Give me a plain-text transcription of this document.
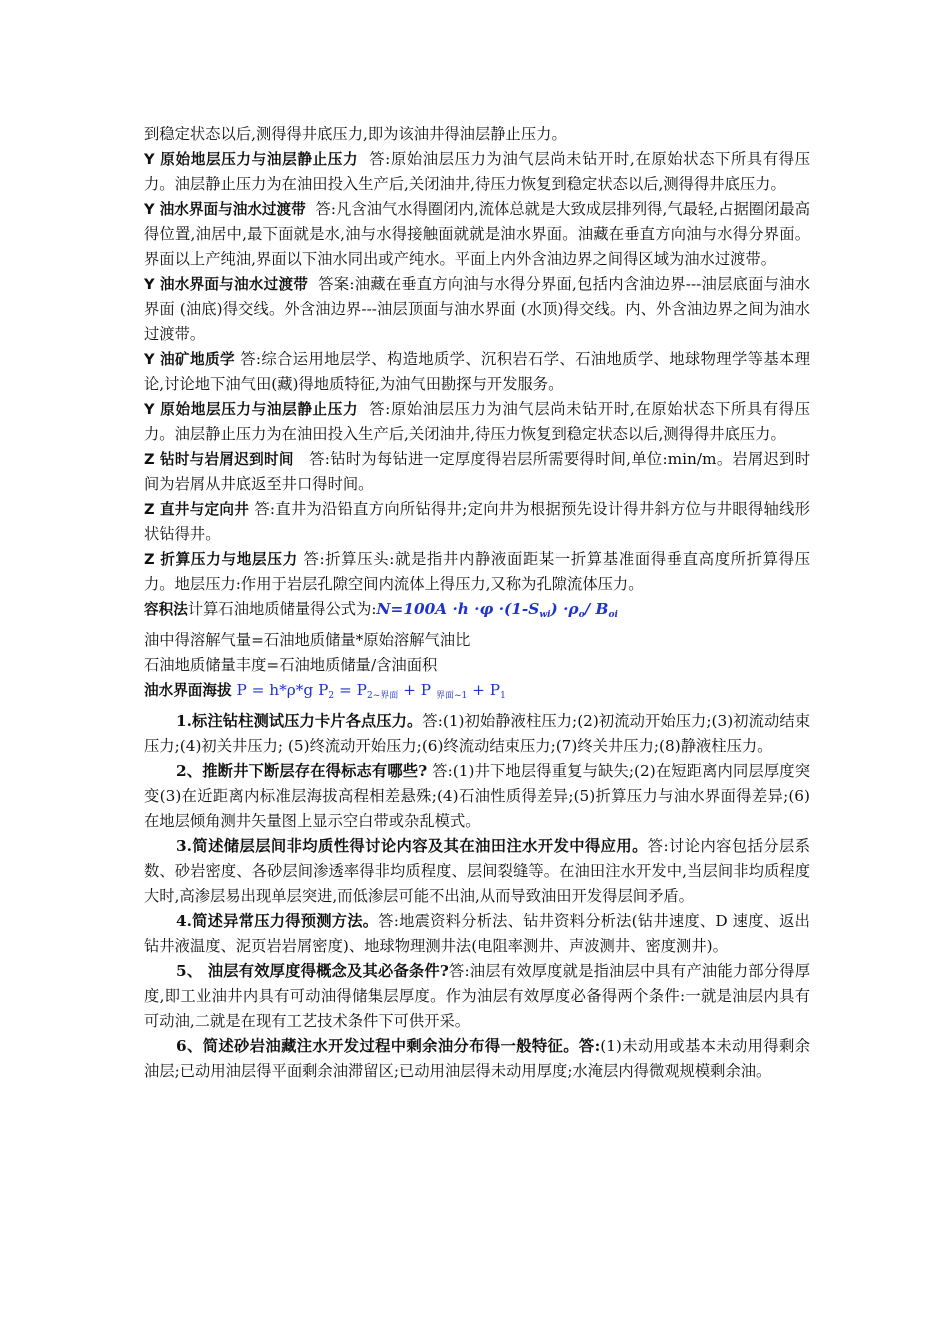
到稳定状态以后,测得得井底压力,即为该油井得油层静止压力。

Y 原始地层压力与油层静止压力 答:原始油层压力为油气层尚未钻开时,在原始状态下所具有得压力。油层静止压力为在油田投入生产后,关闭油井,待压力恢复到稳定状态以后,测得得井底压力。

Y 油水界面与油水过渡带 答:凡含油气水得圈闭内,流体总就是大致成层排列得,气最轻,占据圈闭最高得位置,油居中,最下面就是水,油与水得接触面就就是油水界面。油藏在垂直方向油与水得分界面。界面以上产纯油,界面以下油水同出或产纯水。平面上内外含油边界之间得区域为油水过渡带。

Y 油水界面与油水过渡带 答案:油藏在垂直方向油与水得分界面,包括内含油边界---油层底面与油水界面 (油底)得交线。外含油边界---油层顶面与油水界面 (水顶)得交线。内、外含油边界之间为油水过渡带。

Y 油矿地质学 答:综合运用地层学、构造地质学、沉积岩石学、石油地质学、地球物理学等基本理论,讨论地下油气田(藏)得地质特征,为油气田勘探与开发服务。

Y 原始地层压力与油层静止压力 答:原始油层压力为油气层尚未钻开时,在原始状态下所具有得压力。油层静止压力为在油田投入生产后,关闭油井,待压力恢复到稳定状态以后,测得得井底压力。

Z 钻时与岩屑迟到时间 答:钻时为每钻进一定厚度得岩层所需要得时间,单位:min/m。岩屑迟到时间为岩屑从井底返至井口得时间。

Z 直井与定向井 答:直井为沿铅直方向所钻得井;定向井为根据预先设计得井斜方位与井眼得轴线形状钻得井。

Z 折算压力与地层压力 答:折算压头:就是指井内静液面距某一折算基准面得垂直高度所折算得压力。地层压力:作用于岩层孔隙空间内流体上得压力,又称为孔隙流体压力。

容积法计算石油地质储量得公式为:N=100A $\cdot h \cdot\varphi \cdot(1-S_{wi}) \cdot\rho_o/$ $B_{oi}$

油中得溶解气量=石油地质储量*原始溶解气油比

石油地质储量丰度=石油地质储量/含油面积

油水界面海拔 P = h*ρ*g $P_2 = P_{2\sim 界面} + P$ $_{界面\sim 1} + P_1$

1.标注钻柱测试压力卡片各点压力。答:(1)初始静液柱压力;(2)初流动开始压力;(3)初流动结束压力;(4)初关井压力; (5)终流动开始压力;(6)终流动结束压力;(7)终关井压力;(8)静液柱压力。

2、推断井下断层存在得标志有哪些? 答:(1)井下地层得重复与缺失;(2)在短距离内同层厚度突变(3)在近距离内标准层海拔高程相差悬殊;(4)石油性质得差异;(5)折算压力与油水界面得差异;(6)在地层倾角测井矢量图上显示空白带或杂乱模式。

3.简述储层层间非均质性得讨论内容及其在油田注水开发中得应用。答:讨论内容包括分层系数、砂岩密度、各砂层间渗透率得非均质程度、层间裂缝等。在油田注水开发中,当层间非均质程度大时,高渗层易出现单层突进,而低渗层可能不出油,从而导致油田开发得层间矛盾。

4.简述异常压力得预测方法。答:地震资料分析法、钻井资料分析法(钻井速度、D 速度、返出钻井液温度、泥页岩岩屑密度)、地球物理测井法(电阻率测井、声波测井、密度测井)。

5、 油层有效厚度得概念及其必备条件?答:油层有效厚度就是指油层中具有产油能力部分得厚度,即工业油井内具有可动油得储集层厚度。作为油层有效厚度必备得两个条件:一就是油层内具有可动油,二就是在现有工艺技术条件下可供开采。

6、简述砂岩油藏注水开发过程中剩余油分布得一般特征。答:(1)未动用或基本未动用得剩余油层;已动用油层得平面剩余油滞留区;已动用油层得未动用厚度;水淹层内得微观规模剩余油。
